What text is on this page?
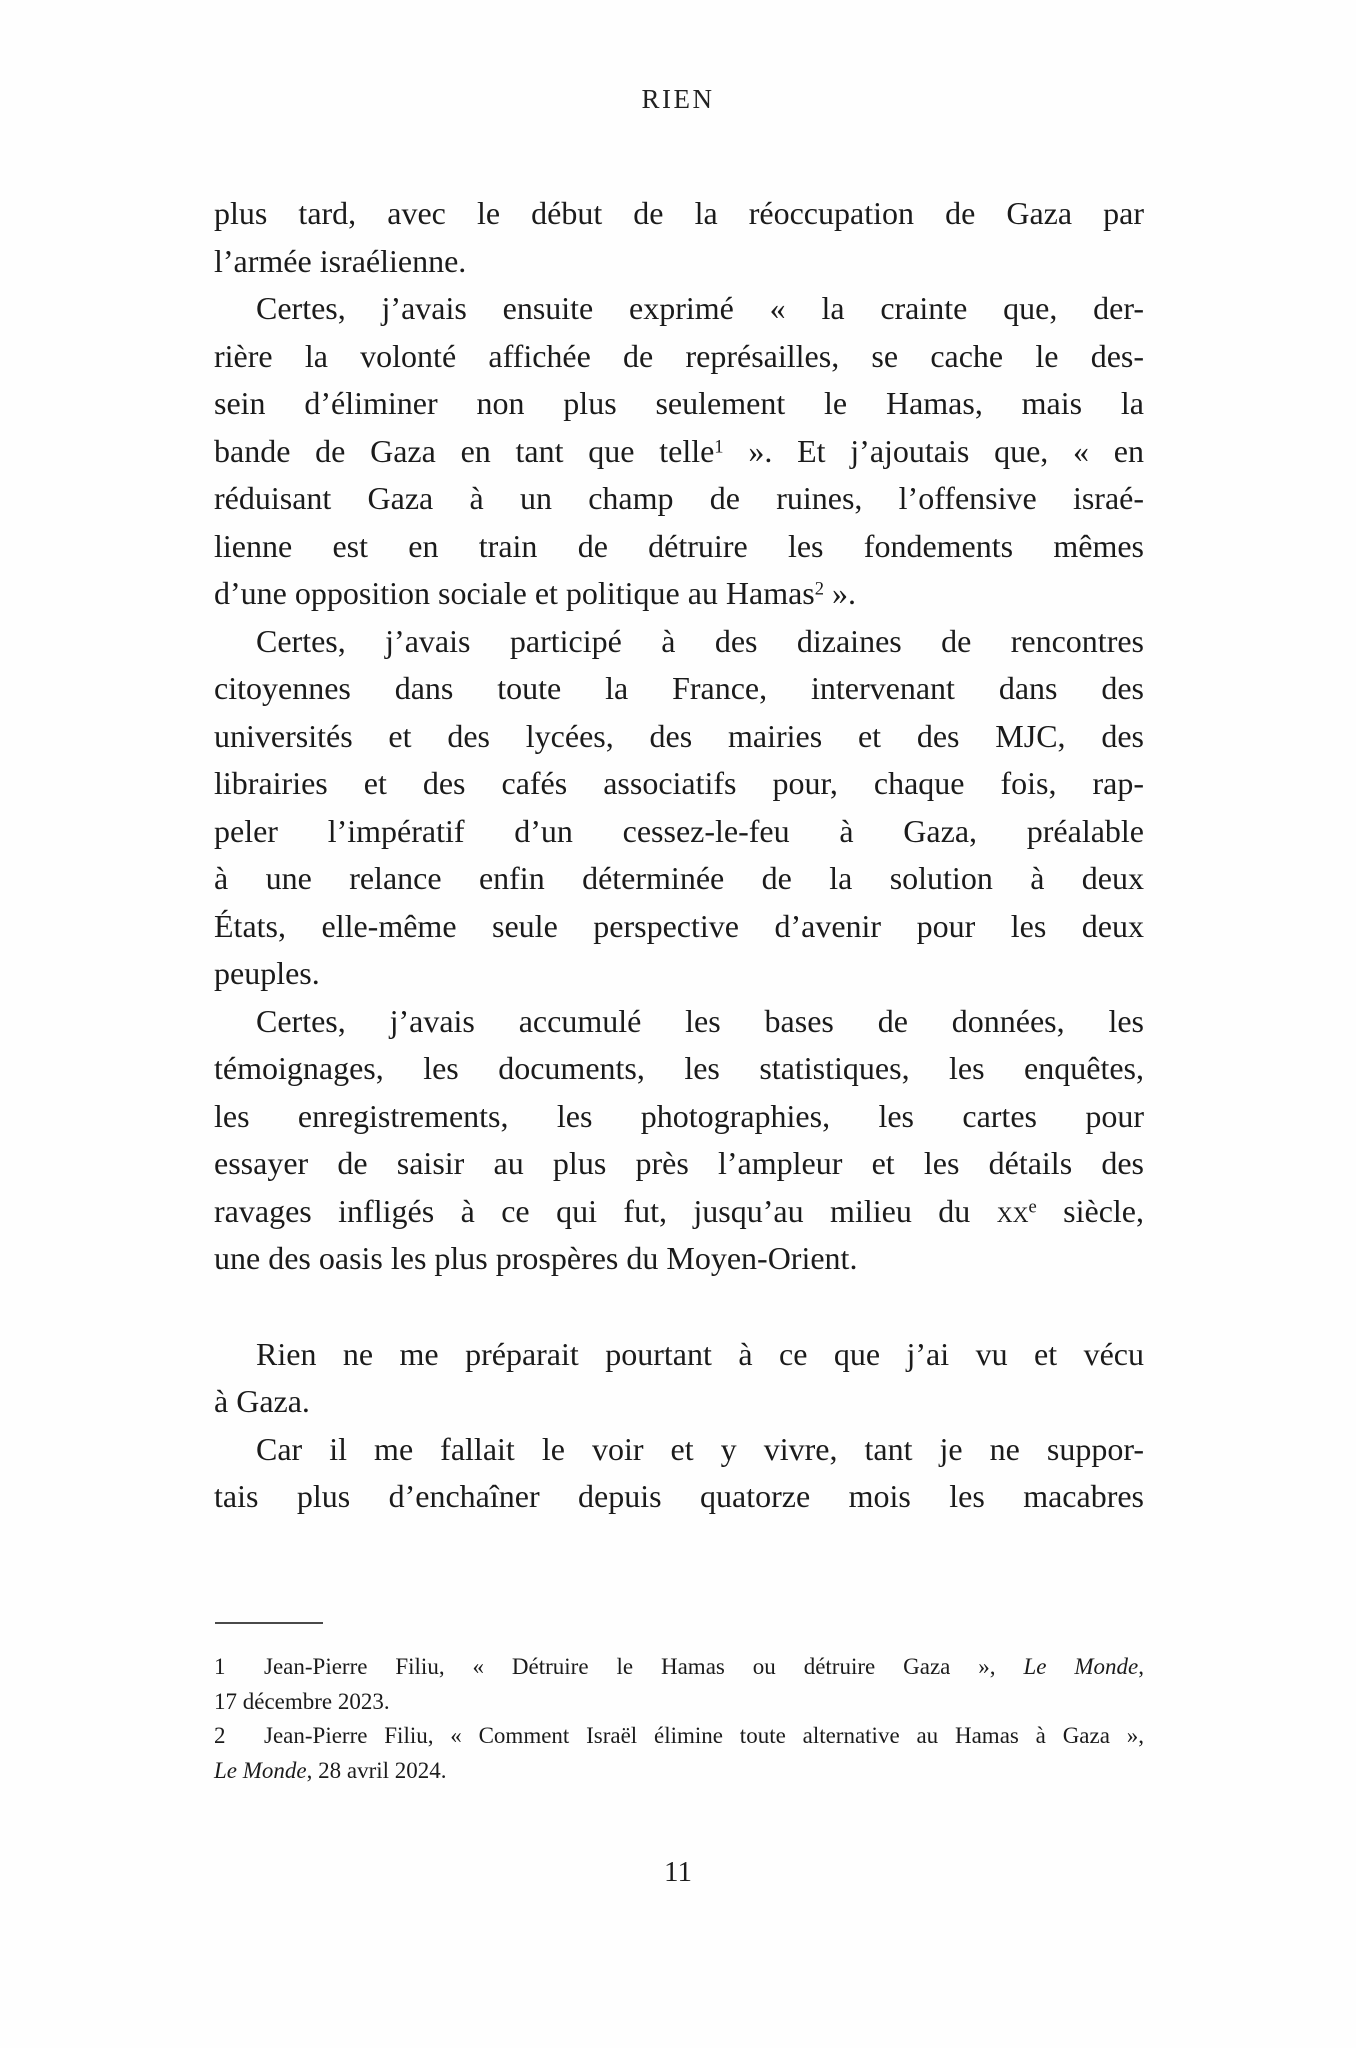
RIEN
plus tard, avec le début de la réoccupation de Gaza par
l’armée israélienne.
Certes, j’avais ensuite exprimé « la crainte que, der-
rière la volonté affichée de représailles, se cache le des-
sein d’éliminer non plus seulement le Hamas, mais la
bande de Gaza en tant que telle$^1$ ». Et j’ajoutais que, « en
réduisant Gaza à un champ de ruines, l’offensive israé-
lienne est en train de détruire les fondements mêmes
d’une opposition sociale et politique au Hamas$^2$ ».
Certes, j’avais participé à des dizaines de rencontres
citoyennes dans toute la France, intervenant dans des
universités et des lycées, des mairies et des MJC, des
librairies et des cafés associatifs pour, chaque fois, rap-
peler l’impératif d’un cessez-le-feu à Gaza, préalable
à une relance enfin déterminée de la solution à deux
États, elle-même seule perspective d’avenir pour les deux
peuples.
Certes, j’avais accumulé les bases de données, les
témoignages, les documents, les statistiques, les enquêtes,
les enregistrements, les photographies, les cartes pour
essayer de saisir au plus près l’ampleur et les détails des
ravages infligés à ce qui fut, jusqu’au milieu du $xx^e$ siècle,
une des oasis les plus prospères du Moyen-Orient.
Rien ne me préparait pourtant à ce que j’ai vu et vécu
à Gaza.
Car il me fallait le voir et y vivre, tant je ne suppor-
tais plus d’enchaîner depuis quatorze mois les macabres
1 Jean-Pierre Filiu, « Détruire le Hamas ou détruire Gaza », Le Monde,
17 décembre 2023.
2 Jean-Pierre Filiu, « Comment Israël élimine toute alternative au Hamas à Gaza »,
Le Monde, 28 avril 2024.
11
